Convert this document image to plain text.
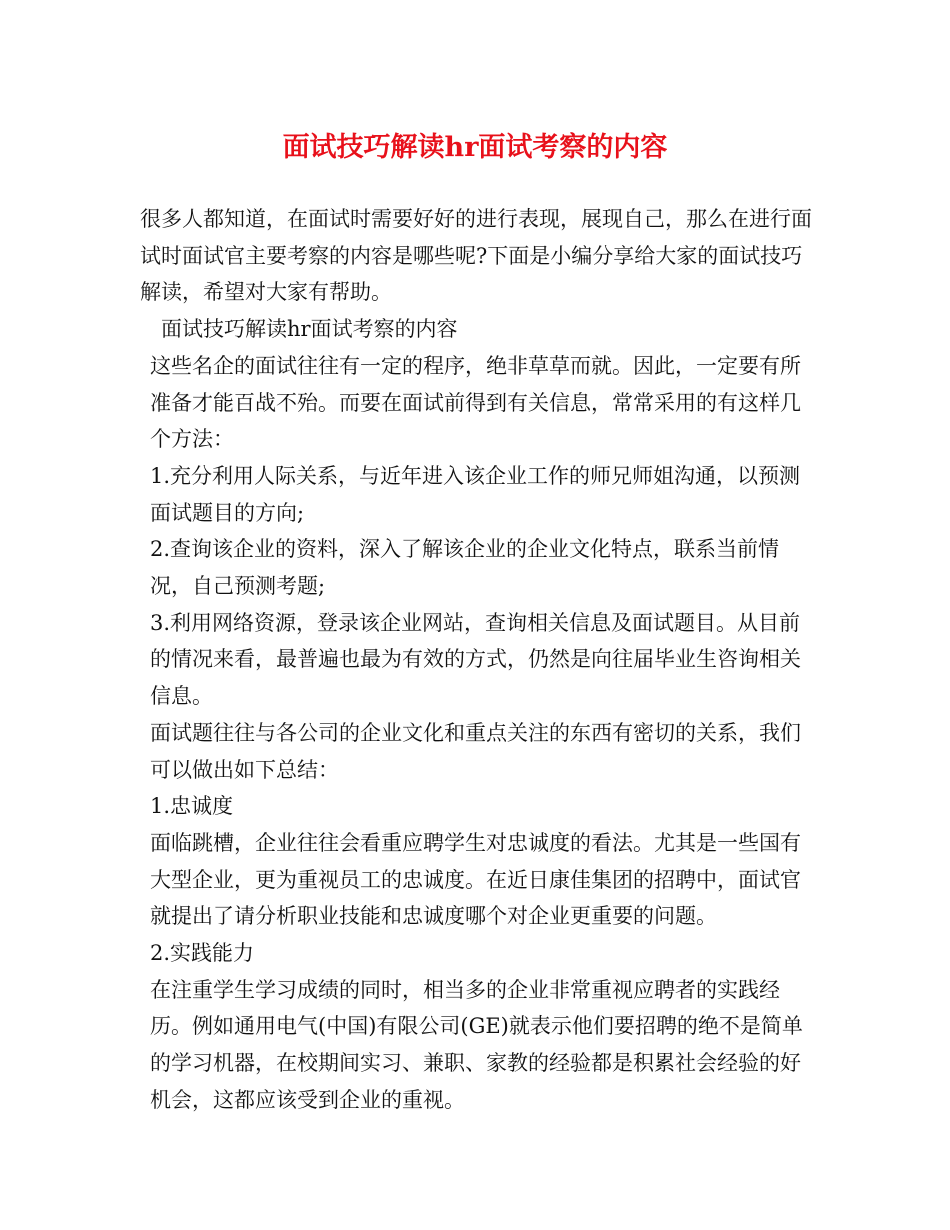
面试技巧解读hr面试考察的内容

很多人都知道，在面试时需要好好的进行表现，展现自己，那么在进行面试时面试官主要考察的内容是哪些呢?下面是小编分享给大家的面试技巧解读，希望对大家有帮助。

面试技巧解读hr面试考察的内容

这些名企的面试往往有一定的程序，绝非草草而就。因此，一定要有所准备才能百战不殆。而要在面试前得到有关信息，常常采用的有这样几个方法：

1.充分利用人际关系，与近年进入该企业工作的师兄师姐沟通，以预测面试题目的方向;

2.查询该企业的资料，深入了解该企业的企业文化特点，联系当前情况，自己预测考题;

3.利用网络资源，登录该企业网站，查询相关信息及面试题目。从目前的情况来看，最普遍也最为有效的方式，仍然是向往届毕业生咨询相关信息。

面试题往往与各公司的企业文化和重点关注的东西有密切的关系，我们可以做出如下总结：

1.忠诚度

面临跳槽，企业往往会看重应聘学生对忠诚度的看法。尤其是一些国有大型企业，更为重视员工的忠诚度。在近日康佳集团的招聘中，面试官就提出了请分析职业技能和忠诚度哪个对企业更重要的问题。

2.实践能力

在注重学生学习成绩的同时，相当多的企业非常重视应聘者的实践经历。例如通用电气(中国)有限公司(GE)就表示他们要招聘的绝不是简单的学习机器，在校期间实习、兼职、家教的经验都是积累社会经验的好机会，这都应该受到企业的重视。
